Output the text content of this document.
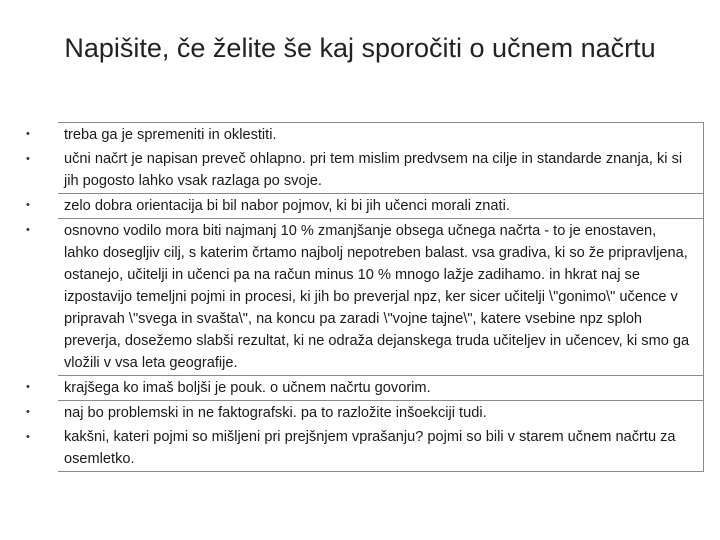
Napišite, če želite še kaj sporočiti o učnem načrtu
•	treba ga je spremeniti in oklestiti.
•	učni načrt je napisan preveč ohlapno. pri tem mislim predvsem na cilje in standarde znanja, ki si jih pogosto lahko vsak razlaga po svoje.
•	zelo dobra orientacija bi bil nabor pojmov, ki bi jih učenci morali znati.
•	osnovno vodilo mora biti najmanj 10 % zmanjšanje obsega učnega načrta - to je enostaven, lahko dosegljiv cilj, s katerim črtamo najbolj nepotreben balast. vsa gradiva, ki so že pripravljena, ostanejo, učitelji in učenci pa na račun minus 10 % mnogo lažje zadihamo. in hkrat naj se izpostavijo temeljni pojmi in procesi, ki jih bo preverjal npz, ker sicer učitelji \"gonimo\" učence v pripravah \"svega in svašta\", na koncu pa zaradi \"vojne tajne\", katere vsebine npz sploh preverja, dosežemo slabši rezultat, ki ne odraža dejanskega truda učiteljev in učencev, ki smo ga vložili v vsa leta geografije.
•	krajšega ko imaš boljši je pouk. o učnem načrtu govorim.
•	naj bo problemski in ne faktografski. pa to razložite inšoekciji tudi.
•	kakšni, kateri pojmi so mišljeni pri prejšnjem vprašanju? pojmi so bili v starem učnem načrtu za osemletko.
